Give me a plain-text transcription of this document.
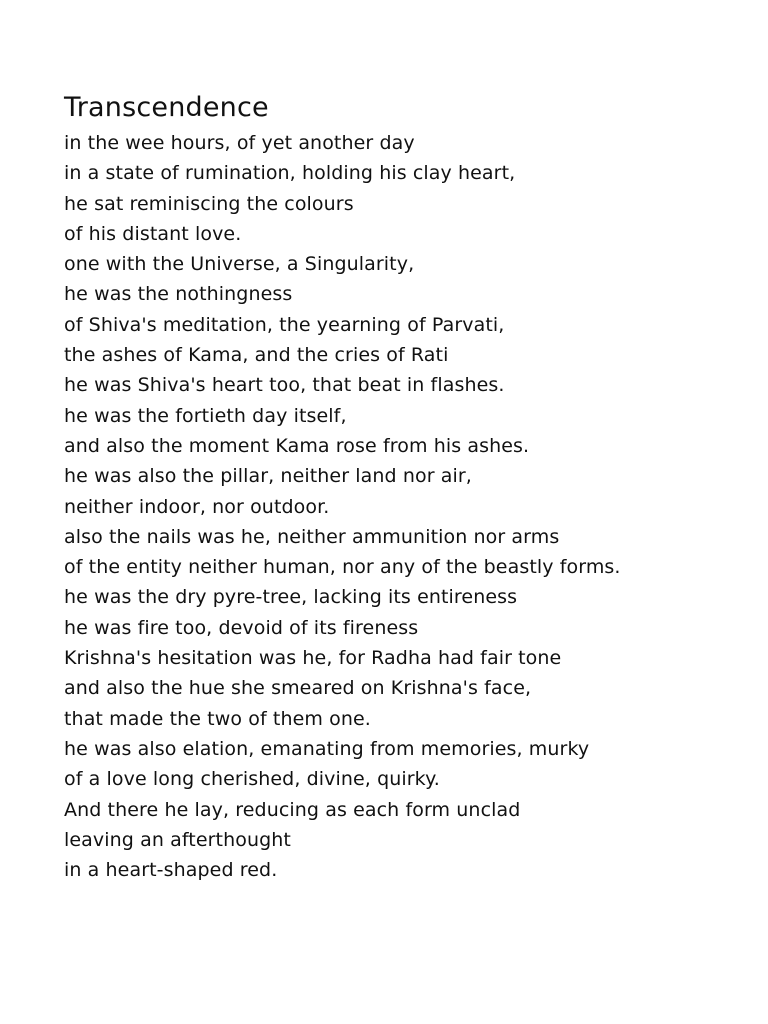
Transcendence
in the wee hours, of yet another day
in a state of rumination, holding his clay heart,
he sat reminiscing the colours
of his distant love.
one with the Universe, a Singularity,
he was the nothingness
of Shiva's meditation, the yearning of Parvati,
the ashes of Kama, and the cries of Rati
he was Shiva's heart too, that beat in flashes.
he was the fortieth day itself,
and also the moment Kama rose from his ashes.
he was also the pillar, neither land nor air,
neither indoor, nor outdoor.
also the nails was he, neither ammunition nor arms
of the entity neither human, nor any of the beastly forms.
he was the dry pyre-tree, lacking its entireness
he was fire too, devoid of its fireness
Krishna's hesitation was he, for Radha had fair tone
and also the hue she smeared on Krishna's face,
that made the two of them one.
he was also elation, emanating from memories, murky
of a love long cherished, divine, quirky.
And there he lay, reducing as each form unclad
leaving an afterthought
in a heart-shaped red.
